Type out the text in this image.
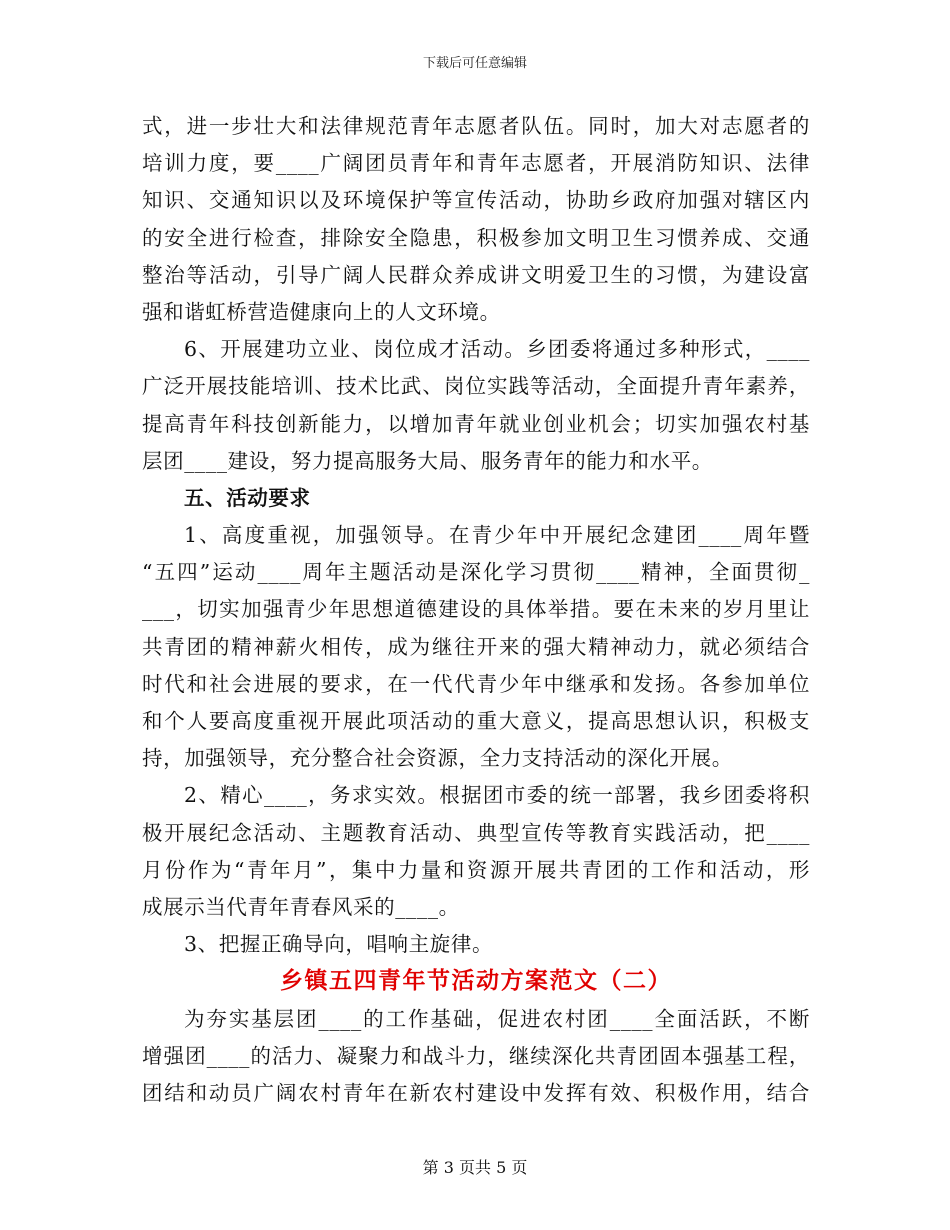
下载后可任意编辑
式，进一步壮大和法律规范青年志愿者队伍。同时，加大对志愿者的
培训力度，要____广阔团员青年和青年志愿者，开展消防知识、法律
知识、交通知识以及环境保护等宣传活动，协助乡政府加强对辖区内
的安全进行检查，排除安全隐患，积极参加文明卫生习惯养成、交通
整治等活动，引导广阔人民群众养成讲文明爱卫生的习惯，为建设富
强和谐虹桥营造健康向上的人文环境。
6、开展建功立业、岗位成才活动。乡团委将通过多种形式，____
广泛开展技能培训、技术比武、岗位实践等活动，全面提升青年素养，
提高青年科技创新能力，以增加青年就业创业机会；切实加强农村基
层团____建设，努力提高服务大局、服务青年的能力和水平。
五、活动要求
1、高度重视，加强领导。在青少年中开展纪念建团____周年暨
“五四”运动____周年主题活动是深化学习贯彻____精神，全面贯彻_
___，切实加强青少年思想道德建设的具体举措。要在未来的岁月里让
共青团的精神薪火相传，成为继往开来的强大精神动力，就必须结合
时代和社会进展的要求，在一代代青少年中继承和发扬。各参加单位
和个人要高度重视开展此项活动的重大意义，提高思想认识，积极支
持，加强领导，充分整合社会资源，全力支持活动的深化开展。
2、精心____，务求实效。根据团市委的统一部署，我乡团委将积
极开展纪念活动、主题教育活动、典型宣传等教育实践活动，把____
月份作为“青年月”，集中力量和资源开展共青团的工作和活动，形
成展示当代青年青春风采的____。
3、把握正确导向，唱响主旋律。
乡镇五四青年节活动方案范文（二）
为夯实基层团____的工作基础，促进农村团____全面活跃，不断
增强团____的活力、凝聚力和战斗力，继续深化共青团固本强基工程，
团结和动员广阔农村青年在新农村建设中发挥有效、积极作用，结合
第 3 页共 5 页
